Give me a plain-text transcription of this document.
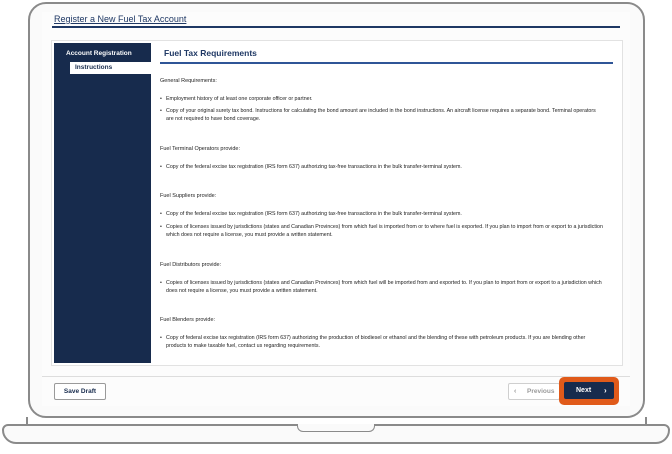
Register a New Fuel Tax Account
Account Registration
Instructions
Fuel Tax Requirements
General Requirements:
• Employment history of at least one corporate officer or partner.
• Copy of your original surety tax bond. Instructions for calculating the bond amount are included in the bond instructions. An aircraft license requires a separate bond. Terminal operators are not required to have bond coverage.
Fuel Terminal Operators provide:
• Copy of the federal excise tax registration (IRS form 637) authorizing tax-free transactions in the bulk transfer-terminal system.
Fuel Suppliers provide:
• Copy of the federal excise tax registration (IRS form 637) authorizing tax-free transactions in the bulk transfer-terminal system.
• Copies of licenses issued by jurisdictions (states and Canadian Provinces) from which fuel is imported from or to where fuel is exported. If you plan to import from or export to a jurisdiction which does not require a license, you must provide a written statement.
Fuel Distributors provide:
• Copies of licenses issued by jurisdictions (states and Canadian Provinces) from which fuel will be imported from and exported to. If you plan to import from or export to a jurisdiction which does not require a license, you must provide a written statement.
Fuel Blenders provide:
• Copy of federal excise tax registration (IRS form 637) authorizing the production of biodiesel or ethanol and the blending of these with petroleum products. If you are blending other products to make taxable fuel, contact us regarding requirements.
Save Draft	‹ Previous	Next ›
